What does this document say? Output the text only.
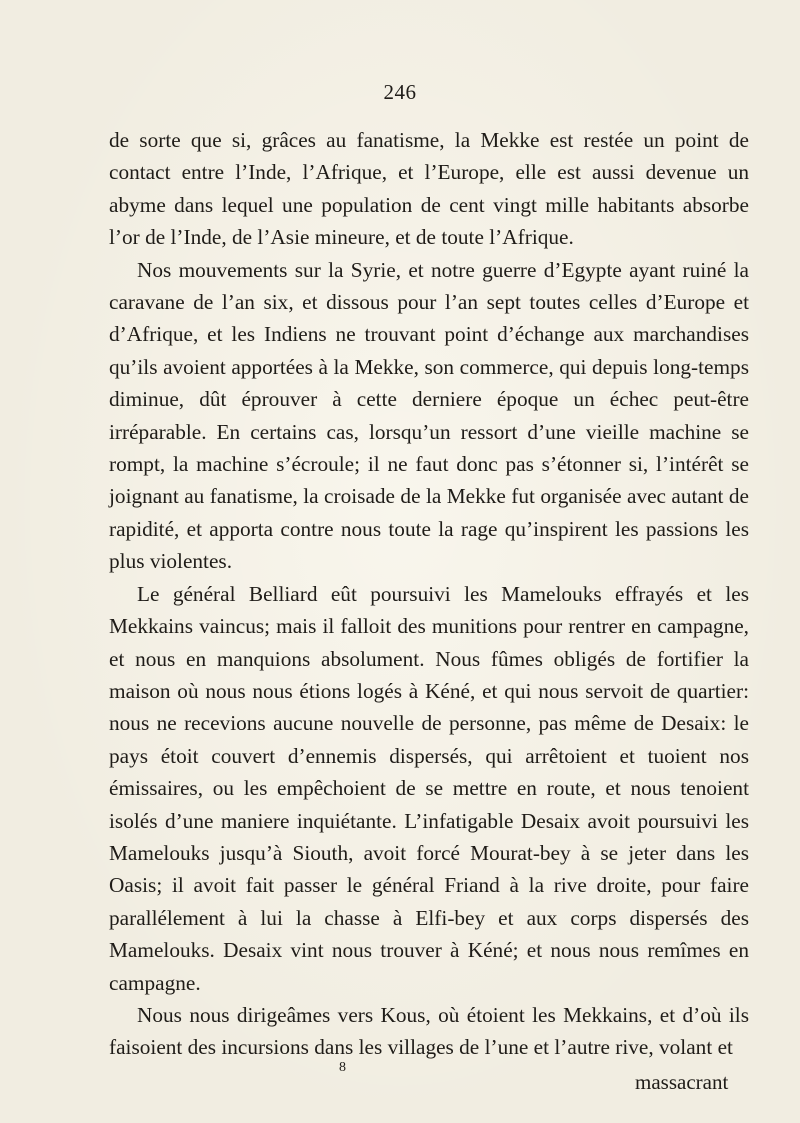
246

de sorte que si, grâces au fanatisme, la Mekke est restée un point de contact entre l’Inde, l’Afrique, et l’Europe, elle est aussi devenue un abyme dans lequel une population de cent vingt mille habitants absorbe l’or de l’Inde, de l’Asie mineure, et de toute l’Afrique.

Nos mouvements sur la Syrie, et notre guerre d’Egypte ayant ruiné la caravane de l’an six, et dissous pour l’an sept toutes celles d’Europe et d’Afrique, et les Indiens ne trouvant point d’échange aux marchandises qu’ils avoient apportées à la Mekke, son commerce, qui depuis long-temps diminue, dût éprouver à cette derniere époque un échec peut-être irréparable. En certains cas, lorsqu’un ressort d’une vieille machine se rompt, la machine s’écroule; il ne faut donc pas s’étonner si, l’intérêt se joignant au fanatisme, la croisade de la Mekke fut organisée avec autant de rapidité, et apporta contre nous toute la rage qu’inspirent les passions les plus violentes.

Le général Belliard eût poursuivi les Mamelouks effrayés et les Mekkains vaincus; mais il falloit des munitions pour rentrer en campagne, et nous en manquions absolument. Nous fûmes obligés de fortifier la maison où nous nous étions logés à Kéné, et qui nous servoit de quartier: nous ne recevions aucune nouvelle de personne, pas même de Desaix: le pays étoit couvert d’ennemis dispersés, qui arrêtoient et tuoient nos émissaires, ou les empêchoient de se mettre en route, et nous tenoient isolés d’une maniere inquiétante. L’infatigable Desaix avoit poursuivi les Mamelouks jusqu’à Siouth, avoit forcé Mourat-bey à se jeter dans les Oasis; il avoit fait passer le général Friand à la rive droite, pour faire parallélement à lui la chasse à Elfi-bey et aux corps dispersés des Mamelouks. Desaix vint nous trouver à Kéné; et nous nous remîmes en campagne.

Nous nous dirigeâmes vers Kous, où étoient les Mekkains, et d’où ils faisoient des incursions dans les villages de l’une et l’autre rive, volant et

8
massacrant
